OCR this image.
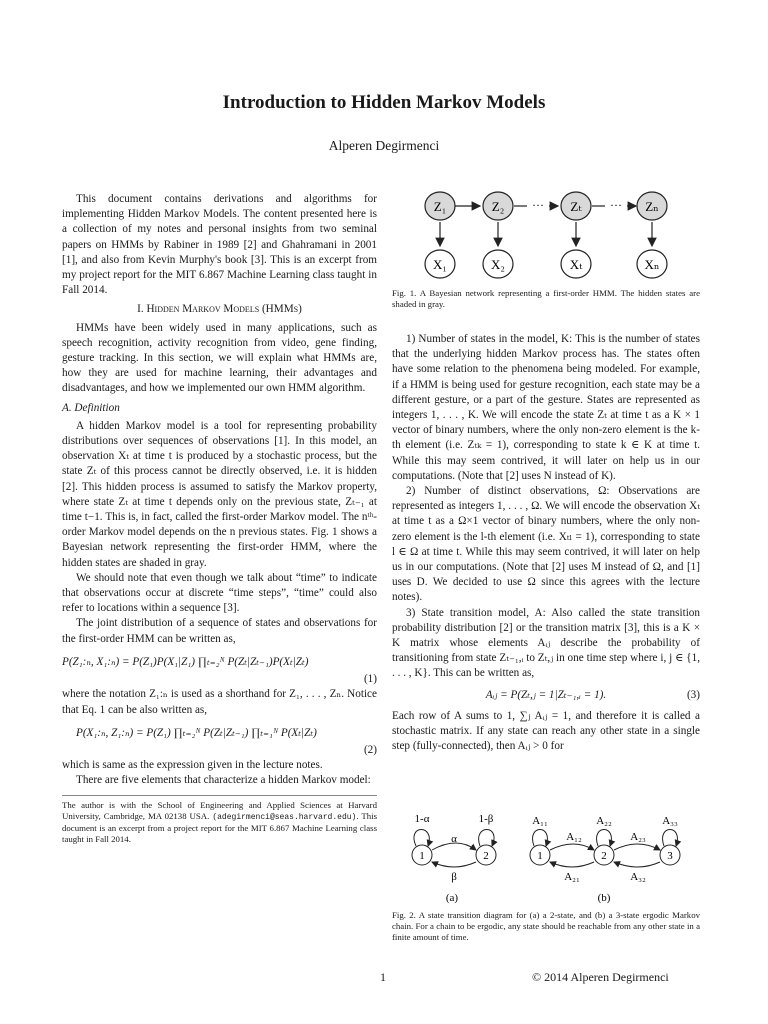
Introduction to Hidden Markov Models
Alperen Degirmenci

This document contains derivations and algorithms for implementing Hidden Markov Models. The content presented here is a collection of my notes and personal insights from two seminal papers on HMMs by Rabiner in 1989 [2] and Ghahramani in 2001 [1], and also from Kevin Murphy's book [3]. This is an excerpt from my project report for the MIT 6.867 Machine Learning class taught in Fall 2014.

I. Hidden Markov Models (HMMs)

HMMs have been widely used in many applications, such as speech recognition, activity recognition from video, gene finding, gesture tracking. In this section, we will explain what HMMs are, how they are used for machine learning, their advantages and disadvantages, and how we implemented our own HMM algorithm.

A. Definition

A hidden Markov model is a tool for representing probability distributions over sequences of observations [1]. In this model, an observation Xₜ at time t is produced by a stochastic process, but the state Zₜ of this process cannot be directly observed, i.e. it is hidden [2]. This hidden process is assumed to satisfy the Markov property, where state Zₜ at time t depends only on the previous state, Zₜ₋₁ at time t−1. This is, in fact, called the first-order Markov model. The nᵗʰ-order Markov model depends on the n previous states. Fig. 1 shows a Bayesian network representing the first-order HMM, where the hidden states are shaded in gray.

We should note that even though we talk about “time” to indicate that observations occur at discrete “time steps”, “time” could also refer to locations within a sequence [3].

The joint distribution of a sequence of states and observations for the first-order HMM can be written as,

P(Z₁:ₙ, X₁:ₙ) = P(Z₁)P(X₁|Z₁) ∏ₜ₌₂ᴺ P(Zₜ|Zₜ₋₁)P(Xₜ|Zₜ)
(1)

where the notation Z₁:ₙ is used as a shorthand for Z₁, . . . , Zₙ. Notice that Eq. 1 can be also written as,

P(X₁:ₙ, Z₁:ₙ) = P(Z₁) ∏ₜ₌₂ᴺ P(Zₜ|Zₜ₋₁) ∏ₜ₌₁ᴺ P(Xₜ|Zₜ)
(2)

which is same as the expression given in the lecture notes.

There are five elements that characterize a hidden Markov model:

The author is with the School of Engineering and Applied Sciences at Harvard University, Cambridge, MA 02138 USA. (adegirmenci@seas.harvard.edu). This document is an excerpt from a project report for the MIT 6.867 Machine Learning class taught in Fall 2014.
Z₁	Z₂	Zₜ	Zₙ
···	···
X₁	X₂	Xₜ	Xₙ
Fig. 1. A Bayesian network representing a first-order HMM. The hidden states are shaded in gray.

1) Number of states in the model, K: This is the number of states that the underlying hidden Markov process has. The states often have some relation to the phenomena being modeled. For example, if a HMM is being used for gesture recognition, each state may be a different gesture, or a part of the gesture. States are represented as integers 1, . . . , K. We will encode the state Zₜ at time t as a K × 1 vector of binary numbers, where the only non-zero element is the k-th element (i.e. Zₜₖ = 1), corresponding to state k ∈ K at time t. While this may seem contrived, it will later on help us in our computations. (Note that [2] uses N instead of K).

2) Number of distinct observations, Ω: Observations are represented as integers 1, . . . , Ω. We will encode the observation Xₜ at time t as a Ω×1 vector of binary numbers, where the only non-zero element is the l-th element (i.e. Xₜₗ = 1), corresponding to state l ∈ Ω at time t. While this may seem contrived, it will later on help us in our computations. (Note that [2] uses M instead of Ω, and [1] uses D. We decided to use Ω since this agrees with the lecture notes).

3) State transition model, A: Also called the state transition probability distribution [2] or the transition matrix [3], this is a K × K matrix whose elements Aᵢⱼ describe the probability of transitioning from state Zₜ₋₁,ᵢ to Zₜ,ⱼ in one time step where i, j ∈ {1, . . . , K}. This can be written as,

Aᵢⱼ = P(Zₜ,ⱼ = 1|Zₜ₋₁,ᵢ = 1).	(3)

Each row of A sums to 1, ∑ⱼ Aᵢⱼ = 1, and therefore it is called a stochastic matrix. If any state can reach any other state in a single step (fully-connected), then Aᵢⱼ > 0 for

1	2
1-α	1-β
α
β
(a)
1	2	3
A₁₁	A₂₂	A₃₃
A₁₂	A₂₃
A₂₁	A₃₂
(b)
Fig. 2. A state transition diagram for (a) a 2-state, and (b) a 3-state ergodic Markov chain. For a chain to be ergodic, any state should be reachable from any other state in a finite amount of time.
1	© 2014 Alperen Degirmenci
